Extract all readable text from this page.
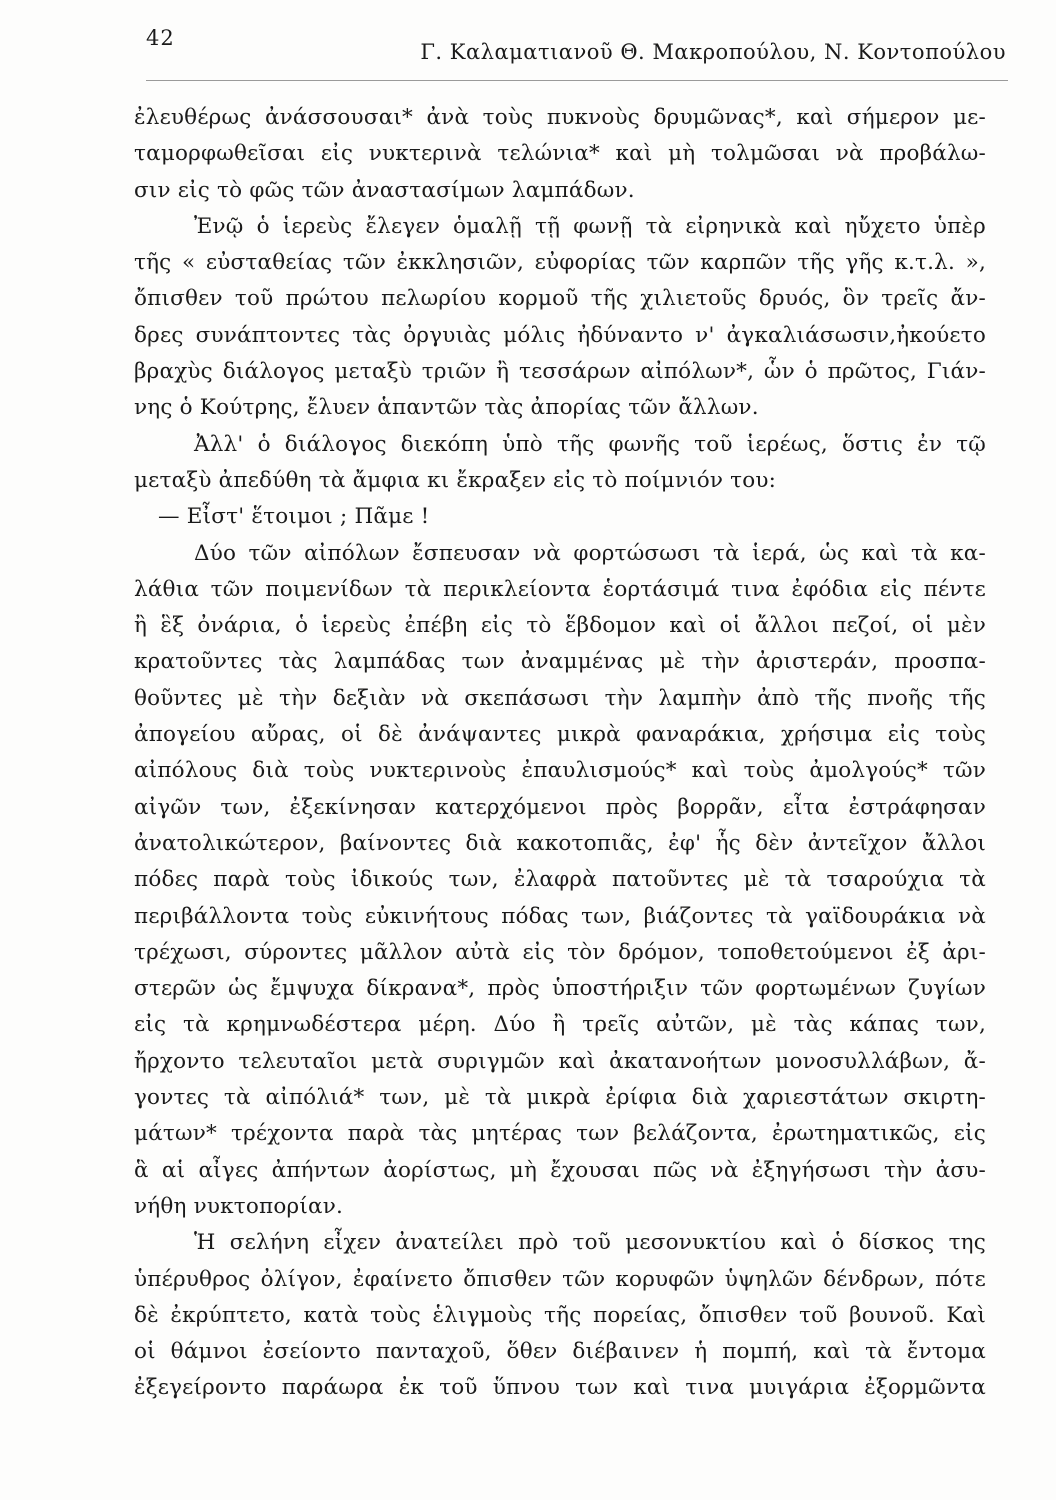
42
Γ. Καλαματιανοῦ Θ. Μακροπούλου, Ν. Κοντοπούλου

ἐλευθέρως ἀνάσσουσαι* ἀνὰ τοὺς πυκνοὺς δρυμῶνας*, καὶ σήμερον με-
ταμορφωθεῖσαι εἰς νυκτερινὰ τελώνια* καὶ μὴ τολμῶσαι νὰ προβάλω-
σιν εἰς τὸ φῶς τῶν ἀναστασίμων λαμπάδων.

Ἐνῷ ὁ ἱερεὺς ἔλεγεν ὁμαλῇ τῇ φωνῇ τὰ εἰρηνικὰ καὶ ηὔχετο ὑπὲρ
τῆς « εὐσταθείας τῶν ἐκκλησιῶν, εὐφορίας τῶν καρπῶν τῆς γῆς κ.τ.λ. »,
ὄπισθεν τοῦ πρώτου πελωρίου κορμοῦ τῆς χιλιετοῦς δρυός, ὃν τρεῖς ἄν-
δρες συνάπτοντες τὰς ὀργυιὰς μόλις ἠδύναντο ν' ἀγκαλιάσωσιν,ἠκούετο
βραχὺς διάλογος μεταξὺ τριῶν ἢ τεσσάρων αἰπόλων*, ὧν ὁ πρῶτος, Γιάν-
νης ὁ Κούτρης, ἔλυεν ἁπαντῶν τὰς ἀπορίας τῶν ἄλλων.

Ἀλλ' ὁ διάλογος διεκόπη ὑπὸ τῆς φωνῆς τοῦ ἱερέως, ὅστις ἐν τῷ
μεταξὺ ἀπεδύθη τὰ ἄμφια κι ἔκραξεν εἰς τὸ ποίμνιόν του:

— Εἶστ' ἕτοιμοι ; Πᾶμε !

Δύο τῶν αἰπόλων ἔσπευσαν νὰ φορτώσωσι τὰ ἱερά, ὡς καὶ τὰ κα-
λάθια τῶν ποιμενίδων τὰ περικλείοντα ἑορτάσιμά τινα ἐφόδια εἰς πέντε
ἢ ἓξ ὀνάρια, ὁ ἱερεὺς ἐπέβη εἰς τὸ ἕβδομον καὶ οἱ ἄλλοι πεζοί, οἱ μὲν
κρατοῦντες τὰς λαμπάδας των ἀναμμένας μὲ τὴν ἀριστεράν, προσπα-
θοῦντες μὲ τὴν δεξιὰν νὰ σκεπάσωσι τὴν λαμπὴν ἀπὸ τῆς πνοῆς τῆς
ἀπογείου αὔρας, οἱ δὲ ἀνάψαντες μικρὰ φαναράκια, χρήσιμα εἰς τοὺς
αἰπόλους διὰ τοὺς νυκτερινοὺς ἐπαυλισμούς* καὶ τοὺς ἀμολγούς* τῶν
αἰγῶν των, ἐξεκίνησαν κατερχόμενοι πρὸς βορρᾶν, εἶτα ἐστράφησαν
ἀνατολικώτερον, βαίνοντες διὰ κακοτοπιᾶς, ἐφ' ἧς δὲν ἀντεῖχον ἄλλοι
πόδες παρὰ τοὺς ἰδικούς των, ἐλαφρὰ πατοῦντες μὲ τὰ τσαρούχια τὰ
περιβάλλοντα τοὺς εὐκινήτους πόδας των, βιάζοντες τὰ γαϊδουράκια νὰ
τρέχωσι, σύροντες μᾶλλον αὐτὰ εἰς τὸν δρόμον, τοποθετούμενοι ἐξ ἀρι-
στερῶν ὡς ἔμψυχα δίκρανα*, πρὸς ὑποστήριξιν τῶν φορτωμένων ζυγίων
εἰς τὰ κρημνωδέστερα μέρη. Δύο ἢ τρεῖς αὐτῶν, μὲ τὰς κάπας των,
ἤρχοντο τελευταῖοι μετὰ συριγμῶν καὶ ἀκατανοήτων μονοσυλλάβων, ἄ-
γοντες τὰ αἰπόλιά* των, μὲ τὰ μικρὰ ἐρίφια διὰ χαριεστάτων σκιρτη-
μάτων* τρέχοντα παρὰ τὰς μητέρας των βελάζοντα, ἐρωτηματικῶς, εἰς
ἃ αἱ αἶγες ἀπήντων ἀορίστως, μὴ ἔχουσαι πῶς νὰ ἐξηγήσωσι τὴν ἀσυ-
νήθη νυκτοπορίαν.

Ἡ σελήνη εἶχεν ἀνατείλει πρὸ τοῦ μεσονυκτίου καὶ ὁ δίσκος της
ὑπέρυθρος ὀλίγον, ἐφαίνετο ὄπισθεν τῶν κορυφῶν ὑψηλῶν δένδρων, πότε
δὲ ἐκρύπτετο, κατὰ τοὺς ἑλιγμοὺς τῆς πορείας, ὄπισθεν τοῦ βουνοῦ. Καὶ
οἱ θάμνοι ἐσείοντο πανταχοῦ, ὅθεν διέβαινεν ἡ πομπή, καὶ τὰ ἔντομα
ἐξεγείροντο παράωρα ἐκ τοῦ ὕπνου των καὶ τινα μυιγάρια ἐξορμῶντα
